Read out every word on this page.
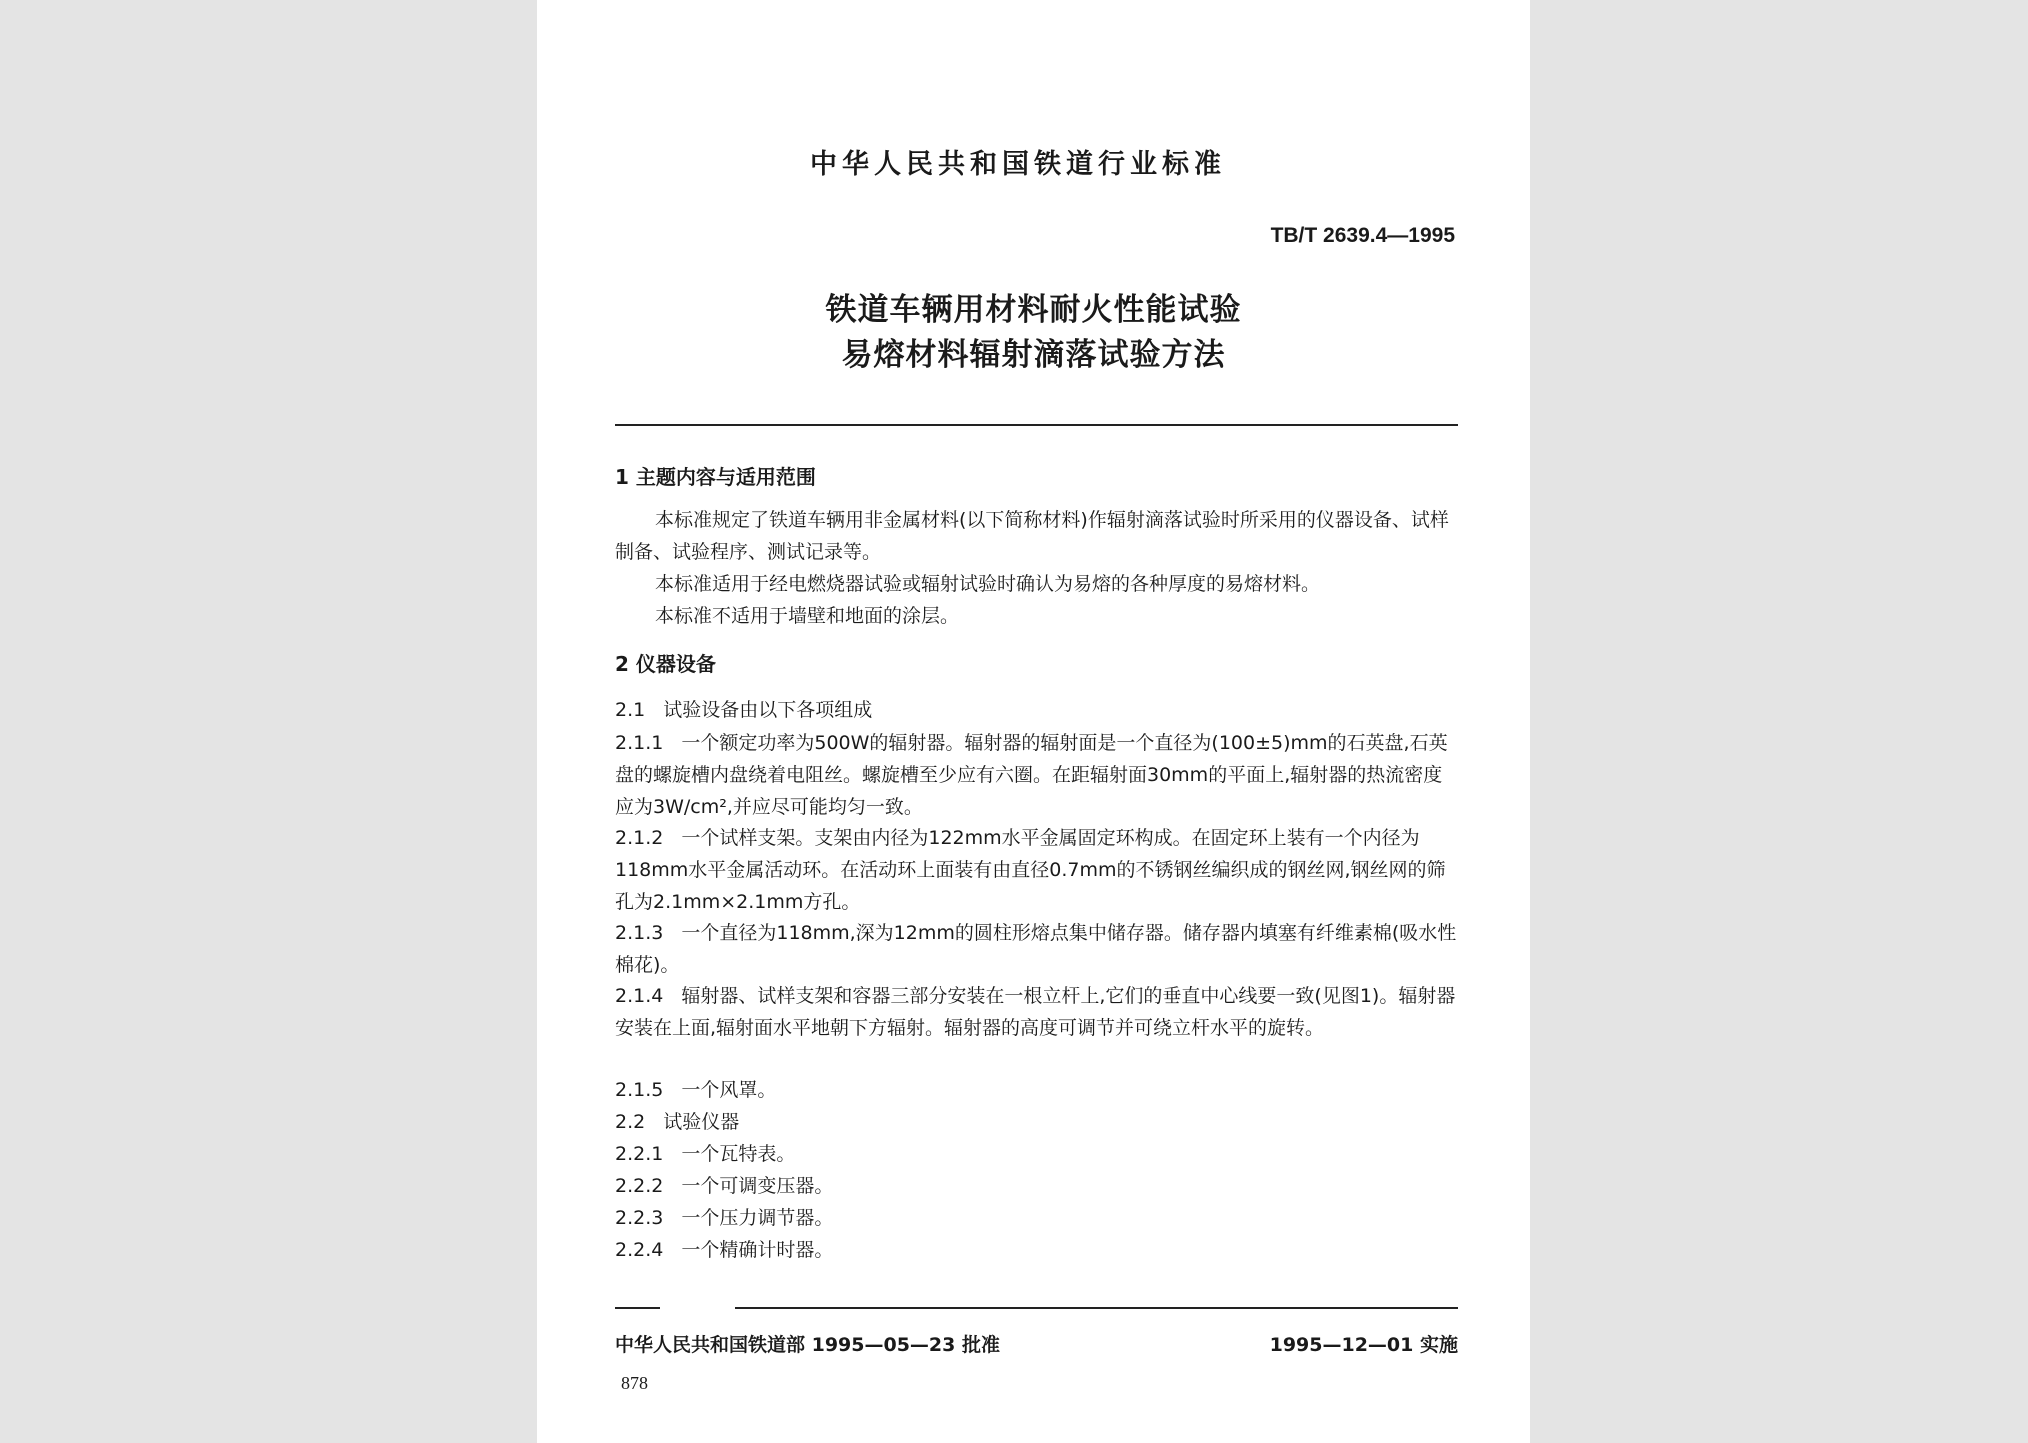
中华人民共和国铁道行业标准
TB/T 2639.4—1995
铁道车辆用材料耐火性能试验
易熔材料辐射滴落试验方法
1 主题内容与适用范围
本标准规定了铁道车辆用非金属材料(以下简称材料)作辐射滴落试验时所采用的仪器设备、试样制备、试验程序、测试记录等。
本标准适用于经电燃烧器试验或辐射试验时确认为易熔的各种厚度的易熔材料。
本标准不适用于墙壁和地面的涂层。
2 仪器设备
2.1 试验设备由以下各项组成
2.1.1 一个额定功率为500W的辐射器。辐射器的辐射面是一个直径为(100±5)mm的石英盘,石英盘的螺旋槽内盘绕着电阻丝。螺旋槽至少应有六圈。在距辐射面30mm的平面上,辐射器的热流密度应为3W/cm²,并应尽可能均匀一致。
2.1.2 一个试样支架。支架由内径为122mm水平金属固定环构成。在固定环上装有一个内径为118mm水平金属活动环。在活动环上面装有由直径0.7mm的不锈钢丝编织成的钢丝网,钢丝网的筛孔为2.1mm×2.1mm方孔。
2.1.3 一个直径为118mm,深为12mm的圆柱形熔点集中储存器。储存器内填塞有纤维素棉(吸水性棉花)。
2.1.4 辐射器、试样支架和容器三部分安装在一根立杆上,它们的垂直中心线要一致(见图1)。辐射器安装在上面,辐射面水平地朝下方辐射。辐射器的高度可调节并可绕立杆水平的旋转。
2.1.5 一个风罩。
2.2 试验仪器
2.2.1 一个瓦特表。
2.2.2 一个可调变压器。
2.2.3 一个压力调节器。
2.2.4 一个精确计时器。
中华人民共和国铁道部 1995—05—23 批准	1995—12—01 实施
878
